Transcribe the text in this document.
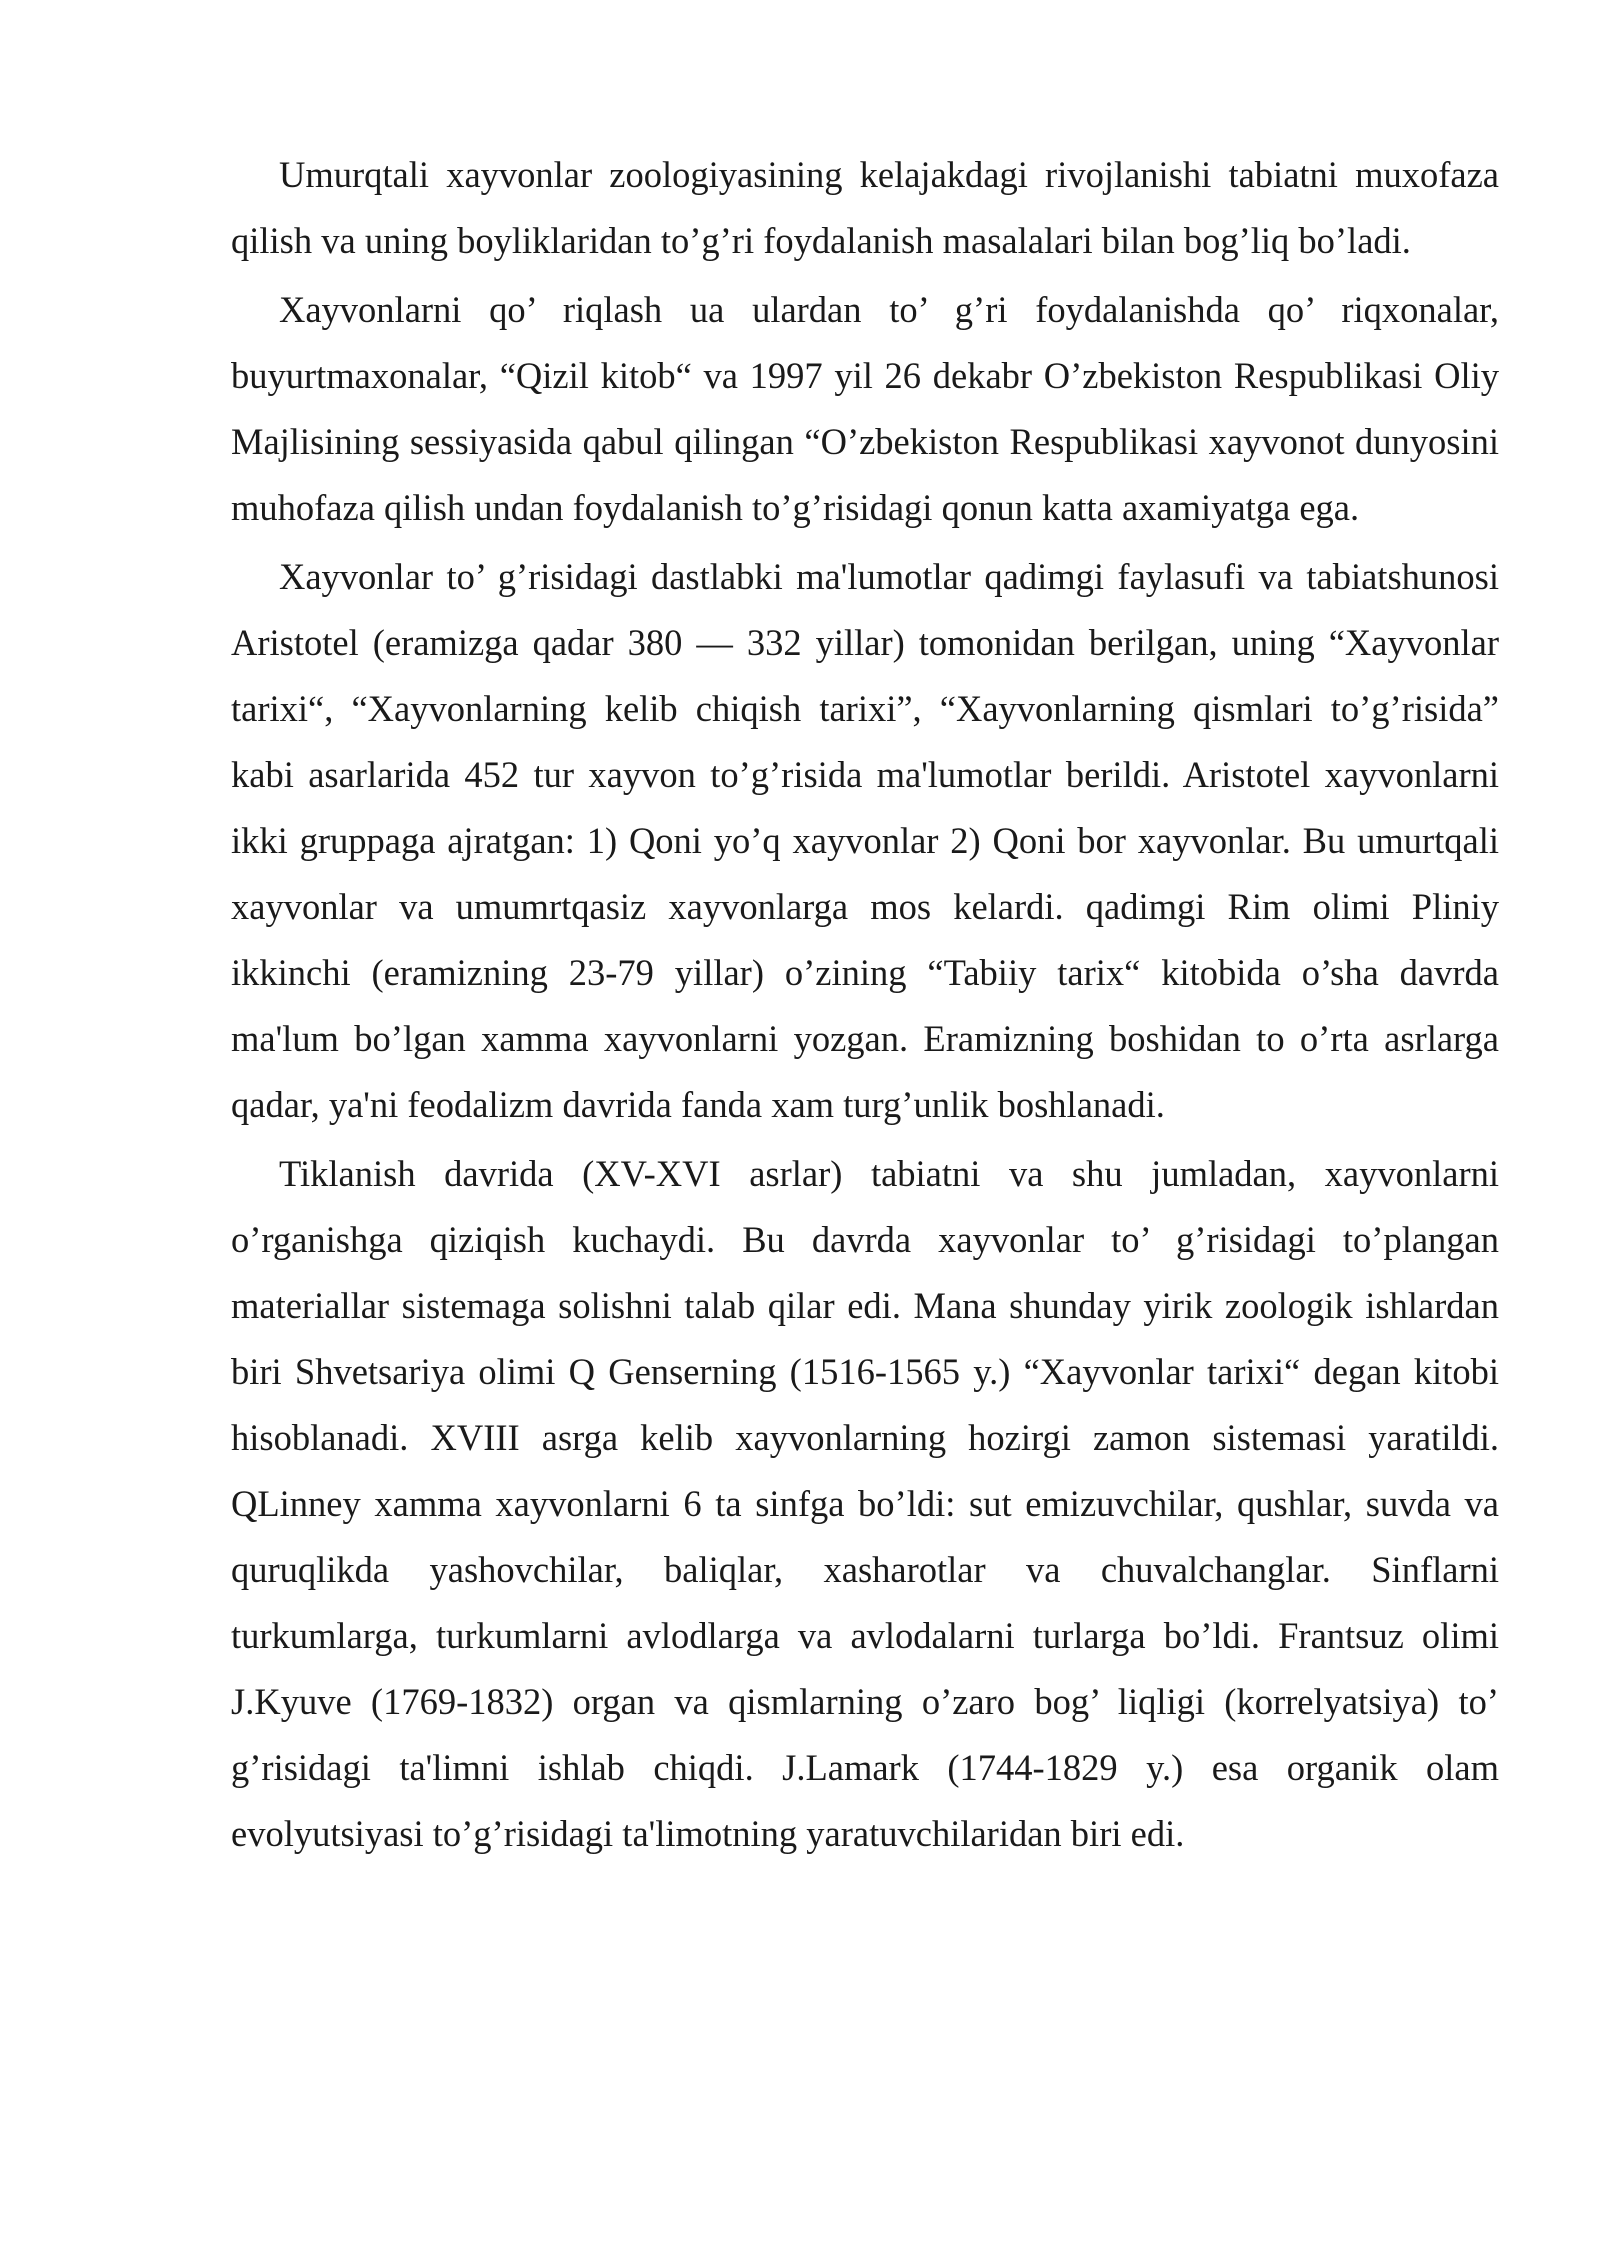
Umurqtali xayvonlar zoologiyasining kelajakdagi rivojlanishi tabiatni muxofaza qilish va uning boyliklaridan to’g’ri foydalanish masalalari bilan bog’liq bo’ladi.

Xayvonlarni qo’ riqlash ua ulardan to’ g’ri foydalanishda qo’ riqxonalar, buyurtmaxonalar, “Qizil kitob“ va 1997 yil 26 dekabr O’zbekiston Respublikasi Oliy Majlisining sessiyasida qabul qilingan “O’zbekiston Respublikasi xayvonot dunyosini muhofaza qilish undan foydalanish to’g’risidagi qonun katta axamiyatga ega.

Xayvonlar to’ g’risidagi dastlabki ma'lumotlar qadimgi faylasufi va tabiatshunosi Aristotel (eramizga qadar 380 — 332 yillar) tomonidan berilgan, uning “Xayvonlar tarixi“, “Xayvonlarning kelib chiqish tarixi”, “Xayvonlarning qismlari to’g’risida” kabi asarlarida 452 tur xayvon to’g’risida ma'lumotlar berildi. Aristotel xayvonlarni ikki gruppaga ajratgan: 1) Qoni yo’q xayvonlar 2) Qoni bor xayvonlar. Bu umurtqali xayvonlar va umumrtqasiz xayvonlarga mos kelardi. qadimgi Rim olimi Pliniy ikkinchi (eramizning 23-79 yillar) o’zining “Tabiiy tarix“ kitobida o’sha davrda ma'lum bo’lgan xamma xayvonlarni yozgan. Eramizning boshidan to o’rta asrlarga qadar, ya'ni feodalizm davrida fanda xam turg’unlik boshlanadi.

Tiklanish davrida (XV-XVI asrlar) tabiatni va shu jumladan, xayvonlarni o’rganishga qiziqish kuchaydi. Bu davrda xayvonlar to’ g’risidagi to’plangan materiallar sistemaga solishni talab qilar edi. Mana shunday yirik zoologik ishlardan biri Shvetsariya olimi Q Genserning (1516-1565 y.) “Xayvonlar tarixi“ degan kitobi hisoblanadi. XVIII asrga kelib xayvonlarning hozirgi zamon sistemasi yaratildi. QLinney xamma xayvonlarni 6 ta sinfga bo’ldi: sut emizuvchilar, qushlar, suvda va quruqlikda yashovchilar, baliqlar, xasharotlar va chuvalchanglar. Sinflarni turkumlarga, turkumlarni avlodlarga va avlodalarni turlarga bo’ldi. Frantsuz olimi J.Kyuve (1769-1832) organ va qismlarning o’zaro bog’ liqligi (korrelyatsiya) to’ g’risidagi ta'limni ishlab chiqdi. J.Lamark (1744-1829 y.) esa organik olam evolyutsiyasi to’g’risidagi ta'limotning yaratuvchilaridan biri edi.
